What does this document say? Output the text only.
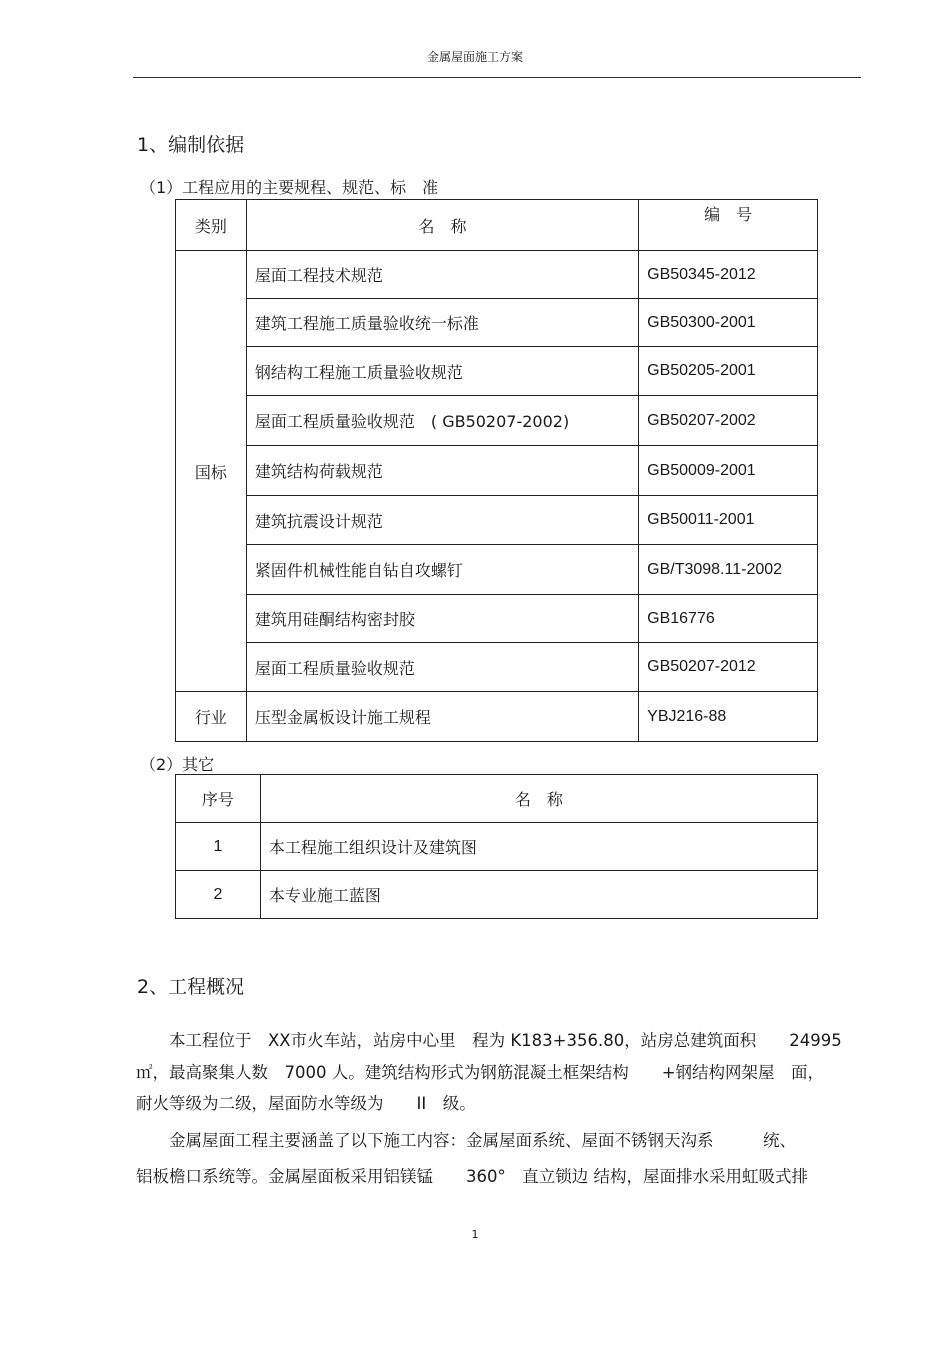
金属屋面施工方案
1、编制依据
（1）工程应用的主要规程、规范、标　准
类别	名　称	编　号
国标	屋面工程技术规范	GB50345-2012
	建筑工程施工质量验收统一标准	GB50300-2001
	钢结构工程施工质量验收规范	GB50205-2001
	屋面工程质量验收规范　( GB50207-2002)	GB50207-2002
	建筑结构荷载规范	GB50009-2001
	建筑抗震设计规范	GB50011-2001
	紧固件机械性能自钻自攻螺钉	GB/T3098.11-2002
	建筑用硅酮结构密封胶	GB16776
	屋面工程质量验收规范	GB50207-2012
行业	压型金属板设计施工规程	YBJ216-88
（2）其它
序号	名　称
1	本工程施工组织设计及建筑图
2	本专业施工蓝图
2、工程概况
　　本工程位于　XX市火车站，站房中心里　程为 K183+356.80，站房总建筑面积　　24995
㎡，最高聚集人数　7000 人。建筑结构形式为钢筋混凝土框架结构　　+钢结构网架屋　面，
耐火等级为二级，屋面防水等级为　　II　级。
　　金属屋面工程主要涵盖了以下施工内容：金属屋面系统、屋面不锈钢天沟系　　　统、
铝板檐口系统等。金属屋面板采用铝镁锰　　360°　直立锁边 结构，屋面排水采用虹吸式排
1
